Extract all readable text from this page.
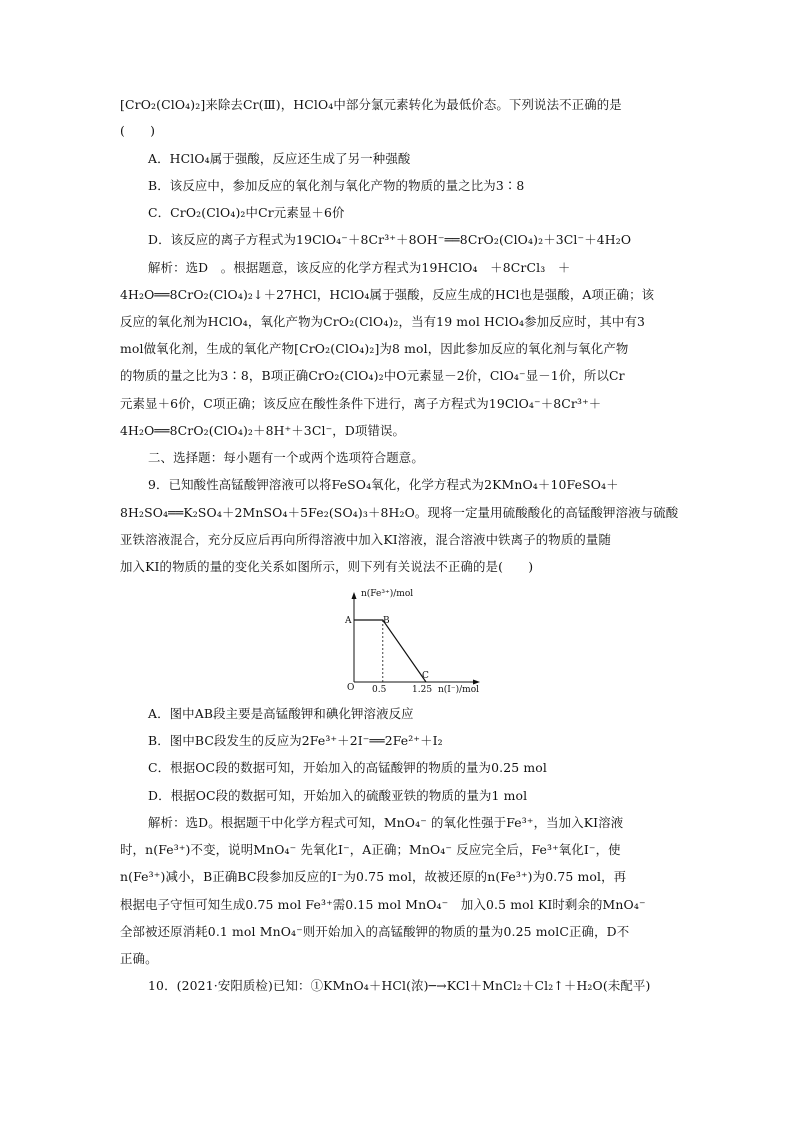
[CrO₂(ClO₄)₂]来除去Cr(Ⅲ)，HClO₄中部分氯元素转化为最低价态。下列说法不正确的是
(　　)
A．HClO₄属于强酸，反应还生成了另一种强酸
B．该反应中，参加反应的氧化剂与氧化产物的物质的量之比为3∶8
C．CrO₂(ClO₄)₂中Cr元素显＋6价
D．该反应的离子方程式为19ClO₄⁻＋8Cr³⁺＋8OH⁻══8CrO₂(ClO₄)₂＋3Cl⁻＋4H₂O
解析：选D　。根据题意，该反应的化学方程式为19HClO₄　＋8CrCl₃　＋
4H₂O══8CrO₂(ClO₄)₂↓＋27HCl，HClO₄属于强酸，反应生成的HCl也是强酸，A项正确；该
反应的氧化剂为HClO₄，氧化产物为CrO₂(ClO₄)₂，当有19 mol HClO₄参加反应时，其中有3
mol做氧化剂，生成的氧化产物[CrO₂(ClO₄)₂]为8 mol，因此参加反应的氧化剂与氧化产物
的物质的量之比为3∶8，B项正确CrO₂(ClO₄)₂中O元素显－2价，ClO₄⁻显－1价，所以Cr
元素显＋6价，C项正确；该反应在酸性条件下进行，离子方程式为19ClO₄⁻＋8Cr³⁺＋
4H₂O══8CrO₂(ClO₄)₂＋8H⁺＋3Cl⁻，D项错误。
二、选择题：每小题有一个或两个选项符合题意。
9．已知酸性高锰酸钾溶液可以将FeSO₄氧化，化学方程式为2KMnO₄＋10FeSO₄＋
8H₂SO₄══K₂SO₄＋2MnSO₄＋5Fe₂(SO₄)₃＋8H₂O。现将一定量用硫酸酸化的高锰酸钾溶液与硫酸
亚铁溶液混合，充分反应后再向所得溶液中加入KI溶液，混合溶液中铁离子的物质的量随
加入KI的物质的量的变化关系如图所示，则下列有关说法不正确的是(　　)
n(Fe³⁺)/mol
n(I⁻)/mol
O
A	B
C
0.5	1.25
A．图中AB段主要是高锰酸钾和碘化钾溶液反应
B．图中BC段发生的反应为2Fe³⁺＋2I⁻══2Fe²⁺＋I₂
C．根据OC段的数据可知，开始加入的高锰酸钾的物质的量为0.25 mol
D．根据OC段的数据可知，开始加入的硫酸亚铁的物质的量为1 mol
解析：选D。根据题干中化学方程式可知，MnO₄⁻ 的氧化性强于Fe³⁺，当加入KI溶液
时，n(Fe³⁺)不变，说明MnO₄⁻ 先氧化I⁻，A正确；MnO₄⁻ 反应完全后，Fe³⁺氧化I⁻，使
n(Fe³⁺)减小，B正确BC段参加反应的I⁻为0.75 mol，故被还原的n(Fe³⁺)为0.75 mol，再
根据电子守恒可知生成0.75 mol Fe³⁺需0.15 mol MnO₄⁻　加入0.5 mol KI时剩余的MnO₄⁻
全部被还原消耗0.1 mol MnO₄⁻则开始加入的高锰酸钾的物质的量为0.25 molC正确，D不
正确。
10．(2021·安阳质检)已知：①KMnO₄＋HCl(浓)─→KCl＋MnCl₂＋Cl₂↑＋H₂O(未配平)
